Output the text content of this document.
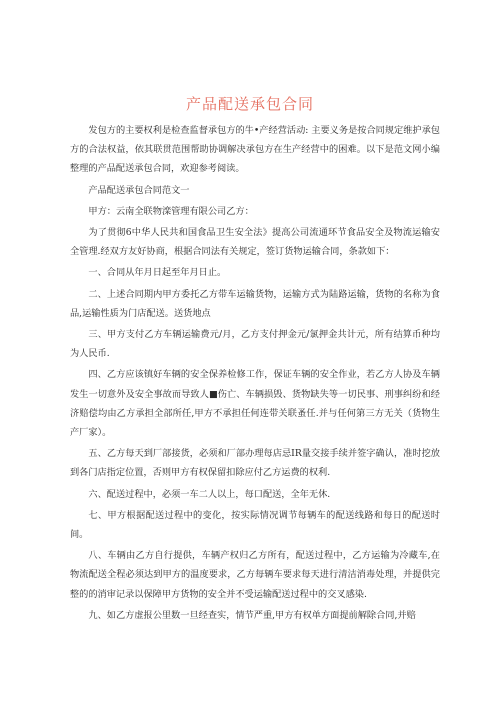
产品配送承包合同

发包方的主要权利是检查监督承包方的牛•产经营活动: 主要义务是按合同规定维护承包方的合法权益，依其联贯范围帮助协调解决承包方在生产经营中的困难。以下是范文网小编整理的产品配送承包合同，欢迎参考阅读。

产品配送承包合同范文一

甲方：云南全联物滦管理有限公司乙方：

为了贯彻6中华人民共和国食品卫生安全法》提高公司流通环节食品安全及物流运输安全管理.经双方友好协商，根据合同法有关规定，签订货物运输合同，条款如下：

一、合同从年月日起至年月日止。

二、上述合同期内甲方委托乙方带车运输货物，运输方式为陆路运输，货物的名称为食品,运输性质为门店配送。送货地点

三、甲方支付乙方车辆运输费元/月，乙方支付押金元/氯押金共计元，所有结算币种均为人民币.

四、乙方应该镇好车辆的安全保养检修工作，保证车辆的安全作业，若乙方人协及车辆发生一切意外及安全事故而导致人■伤亡、车辆损毁、货物缺失等一切民事、刑事纠纷和经济赔偿均由乙方承担全部所任,甲方不承担任何连带关联蚤任.并与任何第三方无关（货物生产厂家）。

五、乙方每天到厂部接货，必须和厂部办理每店忌IR量交接手续并签字确认，准时挖放到各门店指定位置，否则甲方有权保留扣除应付乙方运费的权利.

六、配送过程中，必须一车二人以上，每口配送，全年无休.

七、甲方根据配送过程中的变化，按实际情况调节每辆车的配送线路和每日的配送时间。

八、车辆由乙方自行提供，车辆产权归乙方所有，配送过程中，乙方运输为冷藏车,在物流配送全程必须达到甲方的温度要求，乙方每辆车要求每天进行清洁消毒处理，并提供完整的的消审记录以保障甲方货物的安全并不受运输配送过程中的交叉感染.

九、如乙方虚报公里数一旦经查实，情节严重,甲方有权单方面提前解除合同,并赔
